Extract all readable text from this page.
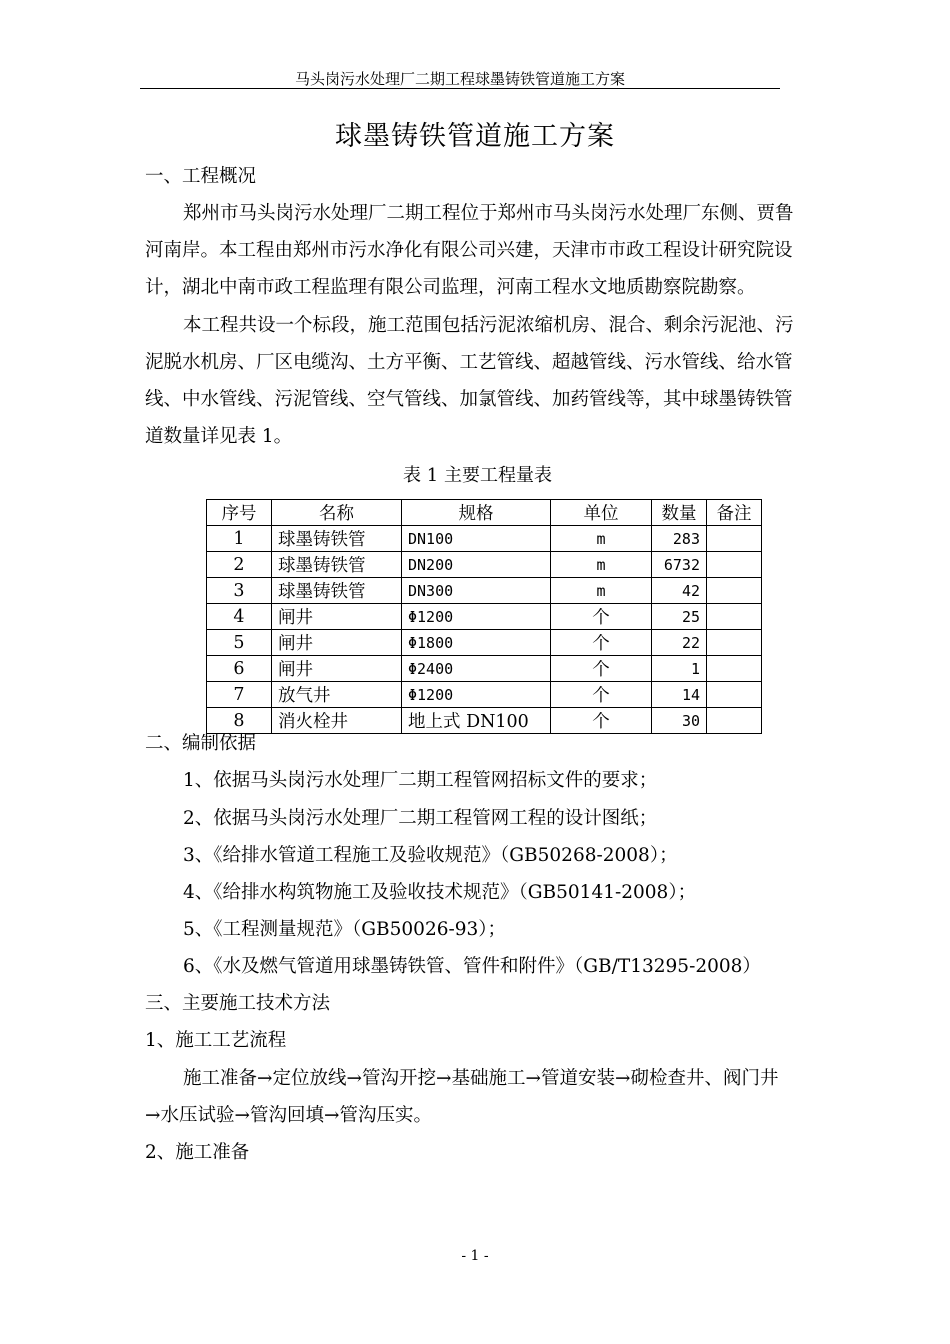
马头岗污水处理厂二期工程球墨铸铁管道施工方案
球墨铸铁管道施工方案
一、工程概况
郑州市马头岗污水处理厂二期工程位于郑州市马头岗污水处理厂东侧、贾鲁
河南岸。本工程由郑州市污水净化有限公司兴建，天津市市政工程设计研究院设
计，湖北中南市政工程监理有限公司监理，河南工程水文地质勘察院勘察。
本工程共设一个标段，施工范围包括污泥浓缩机房、混合、剩余污泥池、污
泥脱水机房、厂区电缆沟、土方平衡、工艺管线、超越管线、污水管线、给水管
线、中水管线、污泥管线、空气管线、加氯管线、加药管线等，其中球墨铸铁管
道数量详见表 1。
表 1 主要工程量表
序号	名称	规格	单位	数量	备注
1	球墨铸铁管	DN100	m	283	
2	球墨铸铁管	DN200	m	6732	
3	球墨铸铁管	DN300	m	42	
4	闸井	Φ1200	个	25	
5	闸井	Φ1800	个	22	
6	闸井	Φ2400	个	1	
7	放气井	Φ1200	个	14	
8	消火栓井	地上式 DN100	个	30	
二、编制依据
1、依据马头岗污水处理厂二期工程管网招标文件的要求；
2、依据马头岗污水处理厂二期工程管网工程的设计图纸；
3、《给排水管道工程施工及验收规范》（GB50268-2008）；
4、《给排水构筑物施工及验收技术规范》（GB50141-2008）；
5、《工程测量规范》（GB50026-93）；
6、《水及燃气管道用球墨铸铁管、管件和附件》（GB/T13295-2008）
三、主要施工技术方法
1、施工工艺流程
施工准备→定位放线→管沟开挖→基础施工→管道安装→砌检查井、阀门井
→水压试验→管沟回填→管沟压实。
2、施工准备
- 1 -
